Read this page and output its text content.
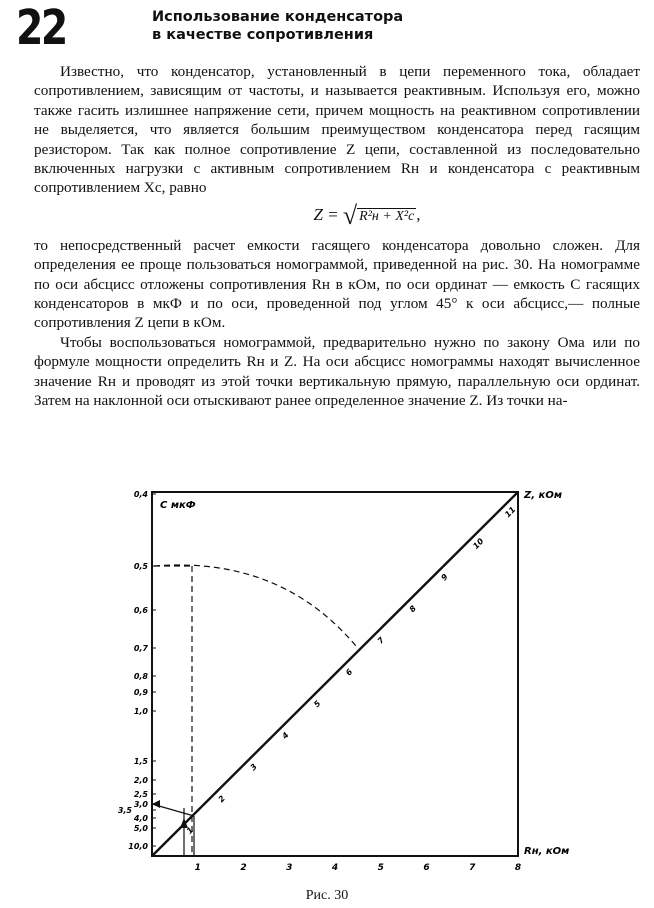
22	Использование конденсатора
в качестве сопротивления

Известно, что конденсатор, установленный в цепи переменного тока, обладает сопротивлением, зависящим от частоты, и называется реактивным. Используя его, можно также гасить излишнее напряжение сети, причем мощность на реактивном сопротивлении не выделяется, что является большим преимуществом конденсатора перед гасящим резистором. Так как полное сопротивление Z цепи, составленной из последовательно включенных нагрузки с активным сопротивлением Rн и конденсатора с реактивным сопротивлением Xс, равно

Z = √ R²н + X²с ,

то непосредственный расчет емкости гасящего конденсатора довольно сложен. Для определения ее проще пользоваться номограммой, приведенной на рис. 30. На номограмме по оси абсцисс отложены сопротивления Rн в кОм, по оси ординат — емкость C гасящих конденсаторов в мкФ и по оси, проведенной под углом 45° к оси абсцисс,— полные сопротивления Z цепи в кОм.

Чтобы воспользоваться номограммой, предварительно нужно по закону Ома или по формуле мощности определить Rн и Z. На оси абсцисс номограммы находят вычисленное значение Rн и проводят из этой точки вертикальную прямую, параллельную оси ординат. Затем на наклонной оси отыскивают ранее определенное значение Z. Из точки на-

C мкФ
Z, кОм
Rн, кОм
0,4
0,5
0,6
0,7
0,8
0,9
1,0
1,5
2,0
2,5
3,0
3,5
4,0
5,0
10,0
1	2	3	4	5	6	7	8
1
2
3
4
5
6
7
8
9
10
11
Рис. 30
